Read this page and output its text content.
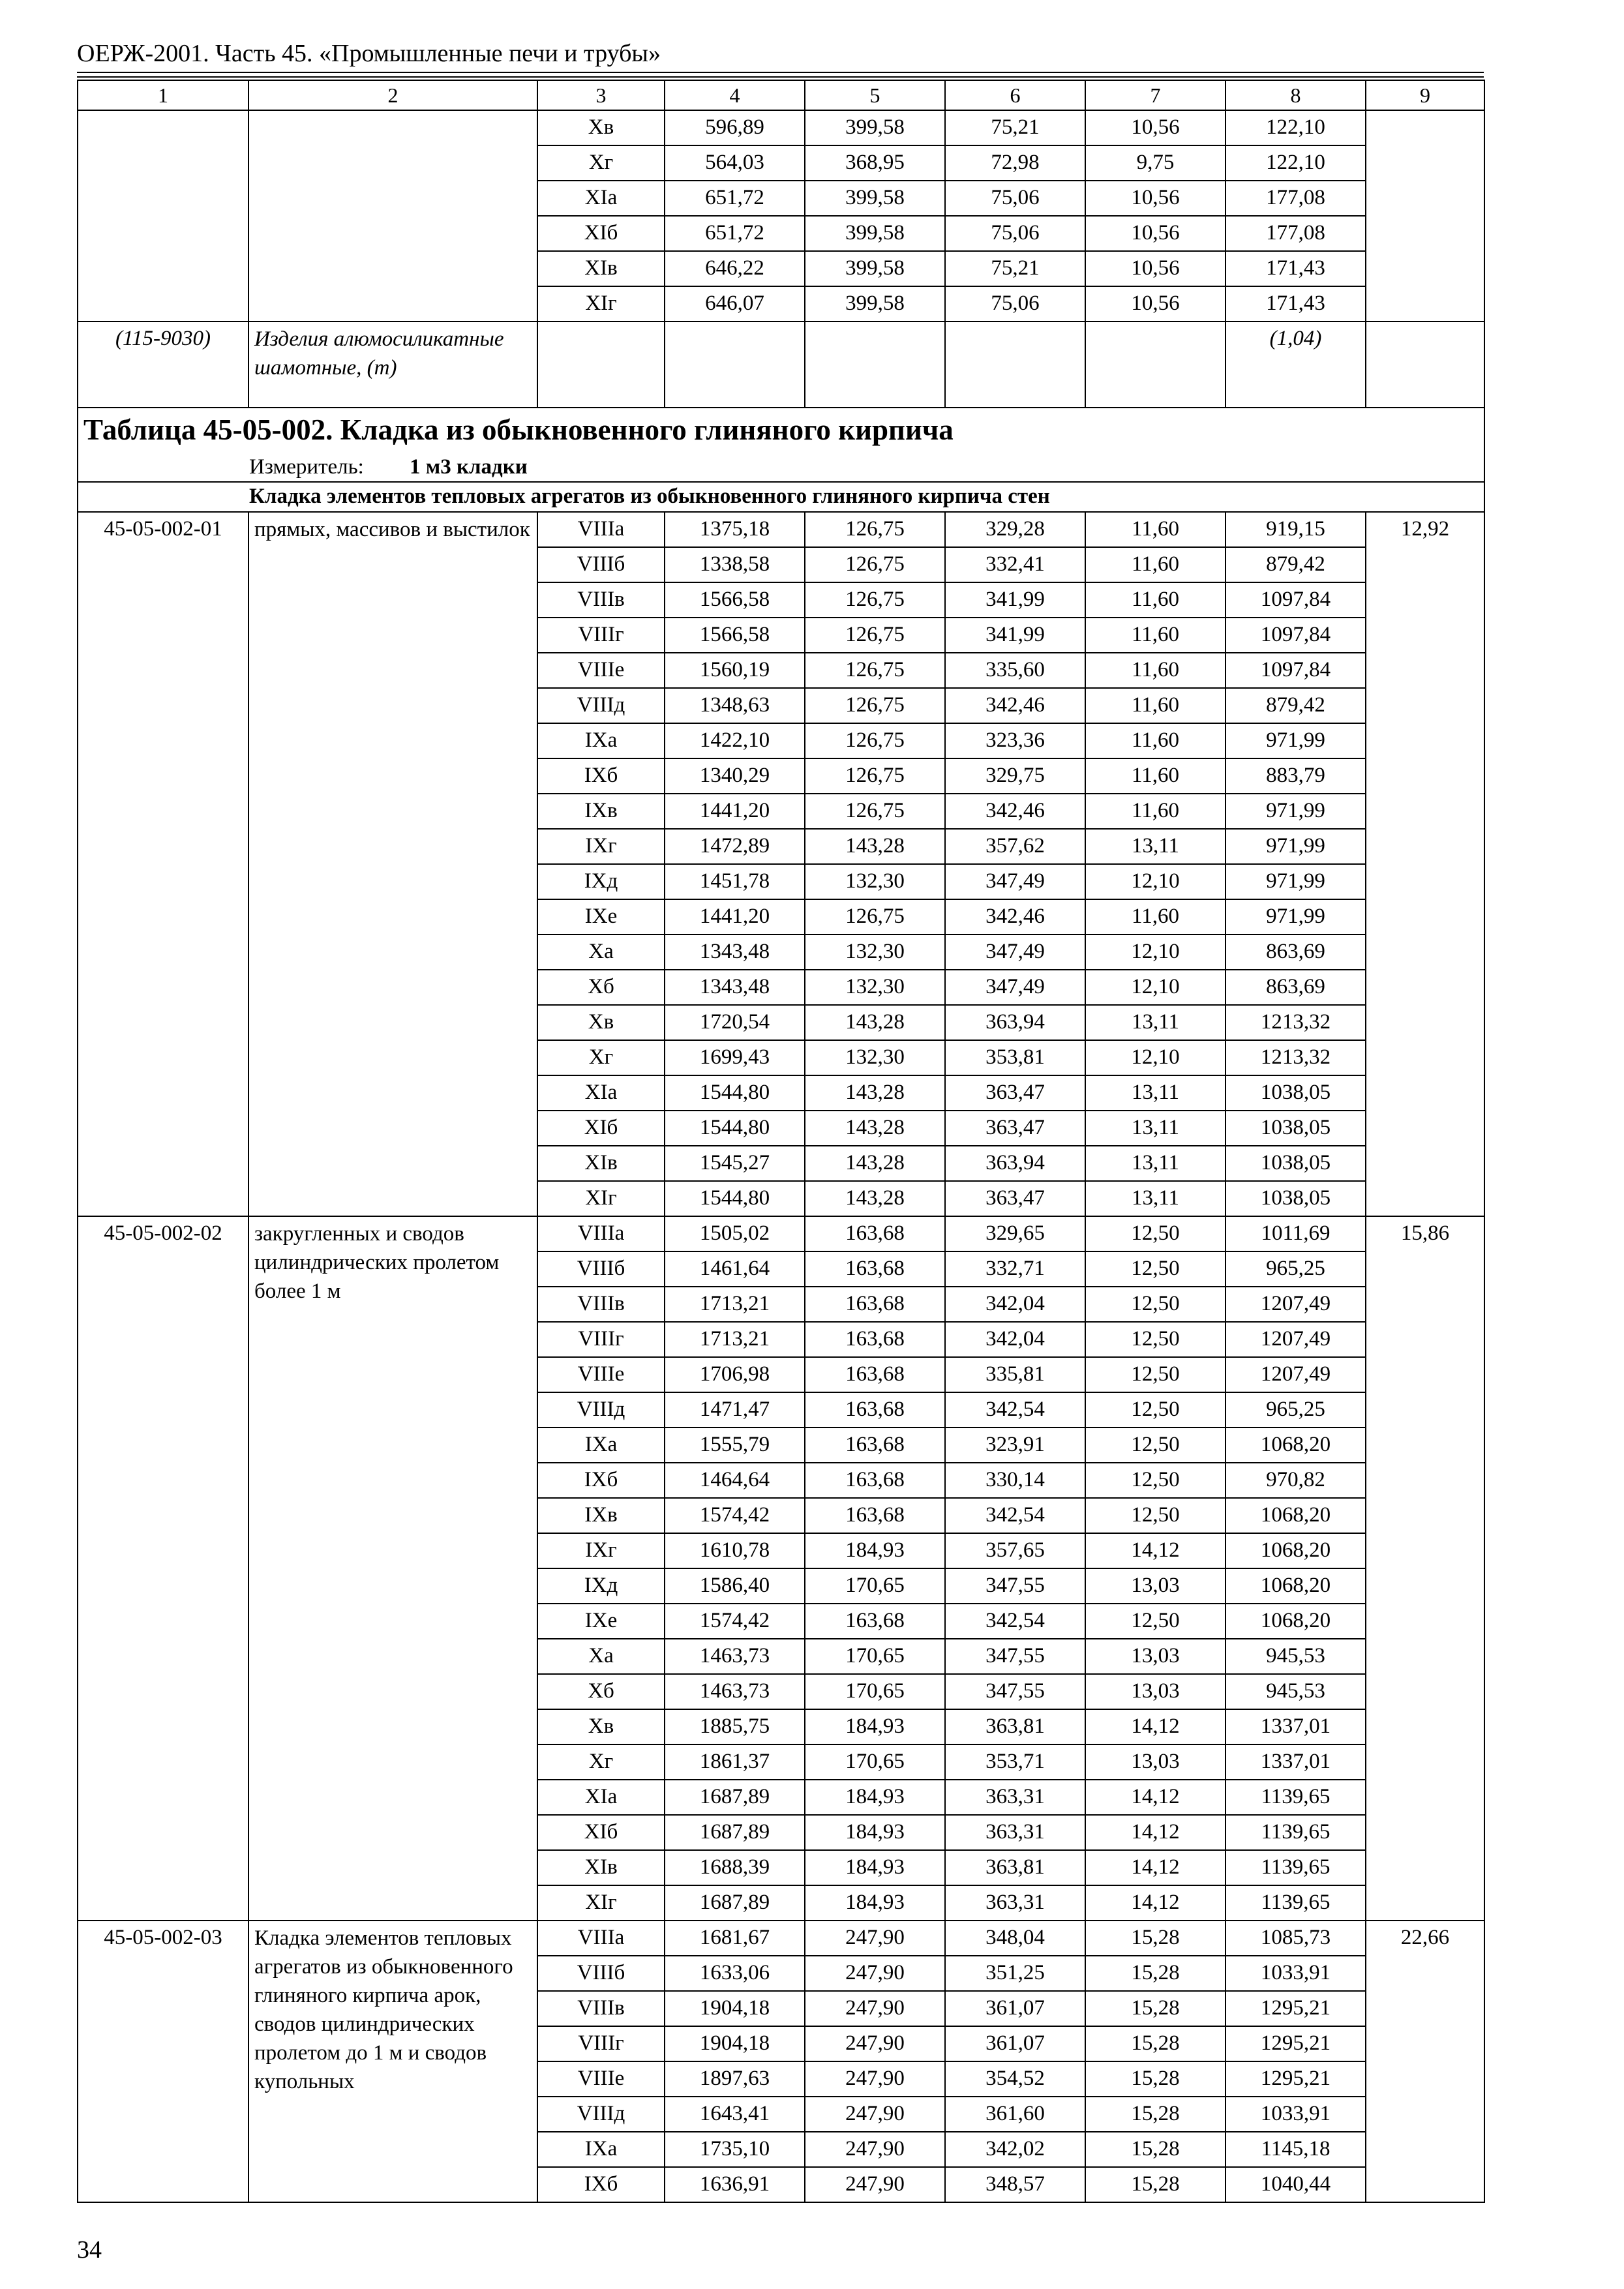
ОЕРЖ-2001. Часть 45. «Промышленные печи и трубы»
1	2	3	4	5	6	7	8	9
		Хв	596,89	399,58	75,21	10,56	122,10	
		Хг	564,03	368,95	72,98	9,75	122,10	
		ХIа	651,72	399,58	75,06	10,56	177,08	
		ХIб	651,72	399,58	75,06	10,56	177,08	
		ХIв	646,22	399,58	75,21	10,56	171,43	
		ХIг	646,07	399,58	75,06	10,56	171,43	
(115-9030)	Изделия алюмосиликатные шамотные, (т)						(1,04)	
Таблица 45-05-002. Кладка из обыкновенного глиняного кирпича								
Измеритель: 1 м3 кладки								
Кладка элементов тепловых агрегатов из обыкновенного глиняного кирпича стен								
45-05-002-01	прямых, массивов и выстилок	VIIIа	1375,18	126,75	329,28	11,60	919,15	12,92
		VIIIб	1338,58	126,75	332,41	11,60	879,42	
		VIIIв	1566,58	126,75	341,99	11,60	1097,84	
		VIIIг	1566,58	126,75	341,99	11,60	1097,84	
		VIIIе	1560,19	126,75	335,60	11,60	1097,84	
		VIIIд	1348,63	126,75	342,46	11,60	879,42	
		IХа	1422,10	126,75	323,36	11,60	971,99	
		IХб	1340,29	126,75	329,75	11,60	883,79	
		IХв	1441,20	126,75	342,46	11,60	971,99	
		IХг	1472,89	143,28	357,62	13,11	971,99	
		IХд	1451,78	132,30	347,49	12,10	971,99	
		IХе	1441,20	126,75	342,46	11,60	971,99	
		Ха	1343,48	132,30	347,49	12,10	863,69	
		Хб	1343,48	132,30	347,49	12,10	863,69	
		Хв	1720,54	143,28	363,94	13,11	1213,32	
		Хг	1699,43	132,30	353,81	12,10	1213,32	
		ХIа	1544,80	143,28	363,47	13,11	1038,05	
		ХIб	1544,80	143,28	363,47	13,11	1038,05	
		ХIв	1545,27	143,28	363,94	13,11	1038,05	
		ХIг	1544,80	143,28	363,47	13,11	1038,05	
45-05-002-02	закругленных и сводов цилиндрических пролетом более 1 м	VIIIа	1505,02	163,68	329,65	12,50	1011,69	15,86
		VIIIб	1461,64	163,68	332,71	12,50	965,25	
		VIIIв	1713,21	163,68	342,04	12,50	1207,49	
		VIIIг	1713,21	163,68	342,04	12,50	1207,49	
		VIIIе	1706,98	163,68	335,81	12,50	1207,49	
		VIIIд	1471,47	163,68	342,54	12,50	965,25	
		IХа	1555,79	163,68	323,91	12,50	1068,20	
		IХб	1464,64	163,68	330,14	12,50	970,82	
		IХв	1574,42	163,68	342,54	12,50	1068,20	
		IХг	1610,78	184,93	357,65	14,12	1068,20	
		IХд	1586,40	170,65	347,55	13,03	1068,20	
		IХе	1574,42	163,68	342,54	12,50	1068,20	
		Ха	1463,73	170,65	347,55	13,03	945,53	
		Хб	1463,73	170,65	347,55	13,03	945,53	
		Хв	1885,75	184,93	363,81	14,12	1337,01	
		Хг	1861,37	170,65	353,71	13,03	1337,01	
		ХIа	1687,89	184,93	363,31	14,12	1139,65	
		ХIб	1687,89	184,93	363,31	14,12	1139,65	
		ХIв	1688,39	184,93	363,81	14,12	1139,65	
		ХIг	1687,89	184,93	363,31	14,12	1139,65	
45-05-002-03	Кладка элементов тепловых агрегатов из обыкновенного глиняного кирпича арок, сводов цилиндрических пролетом до 1 м и сводов купольных	VIIIа	1681,67	247,90	348,04	15,28	1085,73	22,66
		VIIIб	1633,06	247,90	351,25	15,28	1033,91	
		VIIIв	1904,18	247,90	361,07	15,28	1295,21	
		VIIIг	1904,18	247,90	361,07	15,28	1295,21	
		VIIIе	1897,63	247,90	354,52	15,28	1295,21	
		VIIIд	1643,41	247,90	361,60	15,28	1033,91	
		IХа	1735,10	247,90	342,02	15,28	1145,18	
		IХб	1636,91	247,90	348,57	15,28	1040,44	
34
